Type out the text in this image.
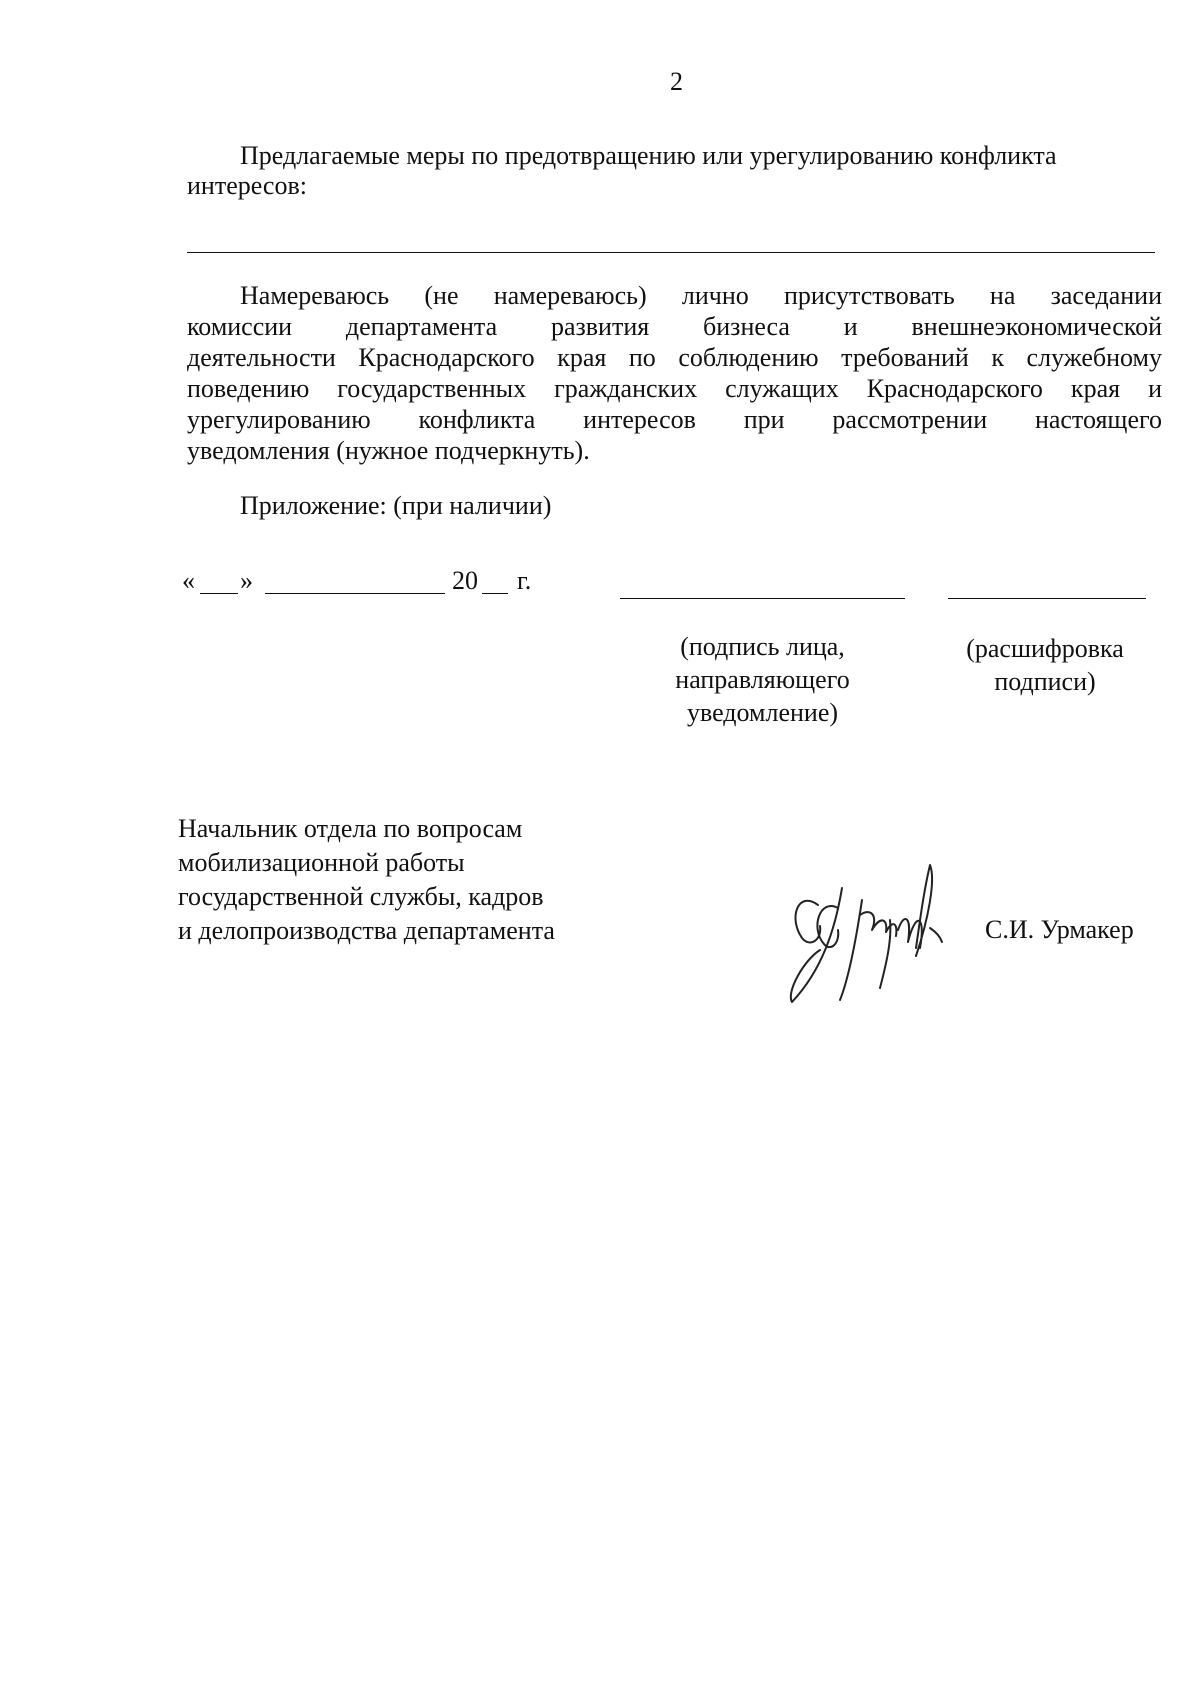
2
Предлагаемые меры по предотвращению или урегулированию конфликта
интересов:
Намереваюсь (не намереваюсь) лично присутствовать на заседании
комиссии департамента развития бизнеса и внешнеэкономической
деятельности Краснодарского края по соблюдению требований к служебному
поведению государственных гражданских служащих Краснодарского края и
урегулированию конфликта интересов при рассмотрении настоящего
уведомления (нужное подчеркнуть).
Приложение: (при наличии)
« »	20 г.
(подпись лица,
направляющего
уведомление)
(расшифровка
подписи)
Начальник отдела по вопросам
мобилизационной работы
государственной службы, кадров
и делопроизводства департамента	С.И. Урмакер
